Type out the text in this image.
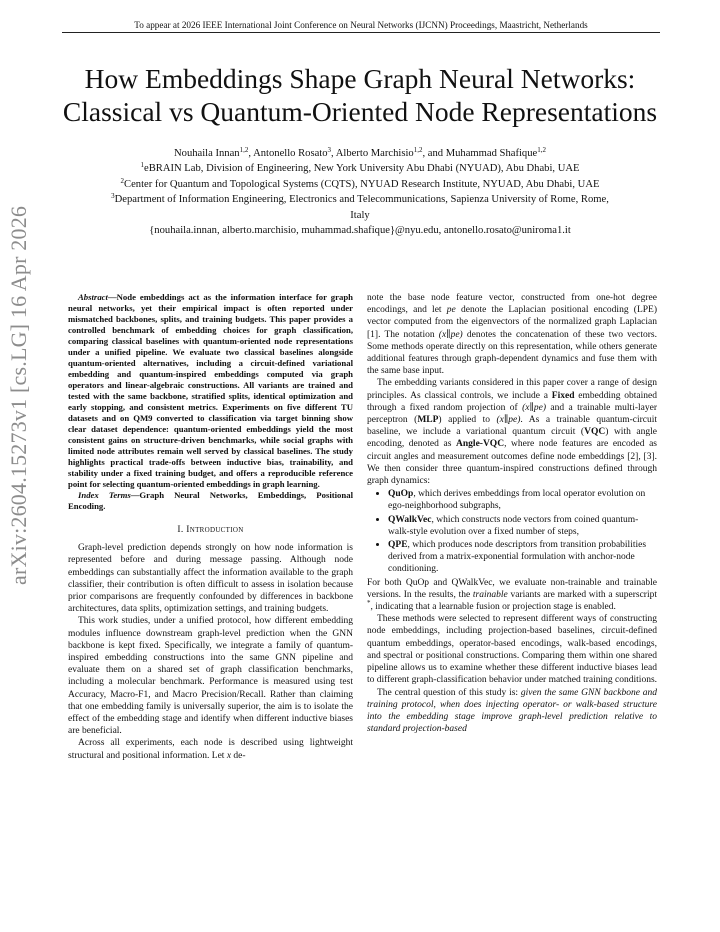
To appear at 2026 IEEE International Joint Conference on Neural Networks (IJCNN) Proceedings, Maastricht, Netherlands
How Embeddings Shape Graph Neural Networks:
Classical vs Quantum-Oriented Node Representations
Nouhaila Innan$^{1,2}$, Antonello Rosato$^3$, Alberto Marchisio$^{1,2}$, and Muhammad Shafique$^{1,2}$
$^1$eBRAIN Lab, Division of Engineering, New York University Abu Dhabi (NYUAD), Abu Dhabi, UAE
$^2$Center for Quantum and Topological Systems (CQTS), NYUAD Research Institute, NYUAD, Abu Dhabi, UAE
$^3$Department of Information Engineering, Electronics and Telecommunications, Sapienza University of Rome, Rome,
Italy
{nouhaila.innan, alberto.marchisio, muhammad.shafique}@nyu.edu, antonello.rosato@uniroma1.it
arXiv:2604.15273v1 [cs.LG] 16 Apr 2026	Abstract—Node embeddings act as the information interface for graph neural networks, yet their empirical impact is often reported under mismatched backbones, splits, and training budgets. This paper provides a controlled benchmark of embedding choices for graph classification, comparing classical baselines with quantum-oriented node representations under a unified pipeline. We evaluate two classical baselines alongside quantum-oriented alternatives, including a circuit-defined variational embedding and quantum-inspired embeddings computed via graph operators and linear-algebraic constructions. All variants are trained and tested with the same backbone, stratified splits, identical optimization and early stopping, and consistent metrics. Experiments on five different TU datasets and on QM9 converted to classification via target binning show clear dataset dependence: quantum-oriented embeddings yield the most consistent gains on structure-driven benchmarks, while social graphs with limited node attributes remain well served by classical baselines. The study highlights practical trade-offs between inductive bias, trainability, and stability under a fixed training budget, and offers a reproducible reference point for selecting quantum-oriented embeddings in graph learning.

Index Terms—Graph Neural Networks, Embeddings, Positional Encoding.

I. Introduction

Graph-level prediction depends strongly on how node information is represented before and during message passing. Although node embeddings can substantially affect the information available to the graph classifier, their contribution is often difficult to assess in isolation because prior comparisons are frequently confounded by differences in backbone architectures, data splits, optimization settings, and training budgets.

This work studies, under a unified protocol, how different embedding modules influence downstream graph-level prediction when the GNN backbone is kept fixed. Specifically, we integrate a family of quantum-inspired embedding constructions into the same GNN pipeline and evaluate them on a shared set of graph classification benchmarks, including a molecular benchmark. Performance is measured using test Accuracy, Macro-F1, and Macro Precision/Recall. Rather than claiming that one embedding family is universally superior, the aim is to isolate the effect of the embedding stage and identify when different inductive biases are beneficial.

Across all experiments, each node is described using lightweight structural and positional information. Let x de-

note the base node feature vector, constructed from one-hot degree encodings, and let pe denote the Laplacian positional encoding (LPE) vector computed from the eigenvectors of the normalized graph Laplacian [1]. The notation (x∥pe) denotes the concatenation of these two vectors. Some methods operate directly on this representation, while others generate additional features through graph-dependent dynamics and fuse them with the same base input.

The embedding variants considered in this paper cover a range of design principles. As classical controls, we include a Fixed embedding obtained through a fixed random projection of (x∥pe) and a trainable multi-layer perceptron (MLP) applied to (x∥pe). As a trainable quantum-circuit baseline, we include a variational quantum circuit (VQC) with angle encoding, denoted as Angle-VQC, where node features are encoded as circuit angles and measurement outcomes define node embeddings [2], [3]. We then consider three quantum-inspired constructions defined through graph dynamics:

• QuOp, which derives embeddings from local operator evolution on ego-neighborhood subgraphs,
• QWalkVec, which constructs node vectors from coined quantum-walk-style evolution over a fixed number of steps,
• QPE, which produces node descriptors from transition probabilities derived from a matrix-exponential formulation with anchor-node conditioning.

For both QuOp and QWalkVec, we evaluate non-trainable and trainable versions. In the results, the trainable variants are marked with a superscript *, indicating that a learnable fusion or projection stage is enabled.

These methods were selected to represent different ways of constructing node embeddings, including projection-based baselines, circuit-defined quantum embeddings, operator-based encodings, walk-based encodings, and spectral or positional constructions. Comparing them within one shared pipeline allows us to examine whether these different inductive biases lead to different graph-classification behavior under matched training conditions.

The central question of this study is: given the same GNN backbone and training protocol, when does injecting operator- or walk-based structure into the embedding stage improve graph-level prediction relative to standard projection-based
